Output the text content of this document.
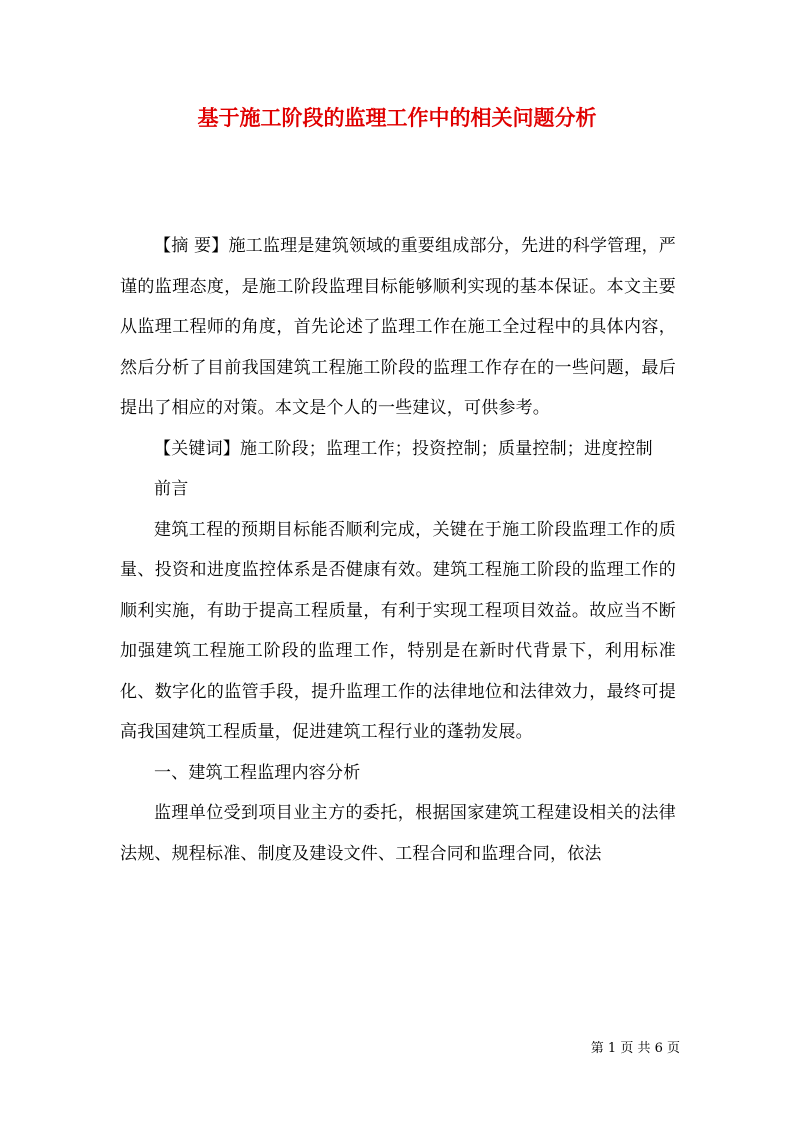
基于施工阶段的监理工作中的相关问题分析

【摘 要】施工监理是建筑领域的重要组成部分，先进的科学管理，严谨的监理态度，是施工阶段监理目标能够顺利实现的基本保证。本文主要从监理工程师的角度，首先论述了监理工作在施工全过程中的具体内容，然后分析了目前我国建筑工程施工阶段的监理工作存在的一些问题，最后提出了相应的对策。本文是个人的一些建议，可供参考。

【关键词】施工阶段；监理工作；投资控制；质量控制；进度控制

前言

建筑工程的预期目标能否顺利完成，关键在于施工阶段监理工作的质量、投资和进度监控体系是否健康有效。建筑工程施工阶段的监理工作的顺利实施，有助于提高工程质量，有利于实现工程项目效益。故应当不断加强建筑工程施工阶段的监理工作，特别是在新时代背景下，利用标准化、数字化的监管手段，提升监理工作的法律地位和法律效力，最终可提高我国建筑工程质量，促进建筑工程行业的蓬勃发展。

一、建筑工程监理内容分析

监理单位受到项目业主方的委托，根据国家建筑工程建设相关的法律法规、规程标准、制度及建设文件、工程合同和监理合同，依法

第 1 页 共 6 页
